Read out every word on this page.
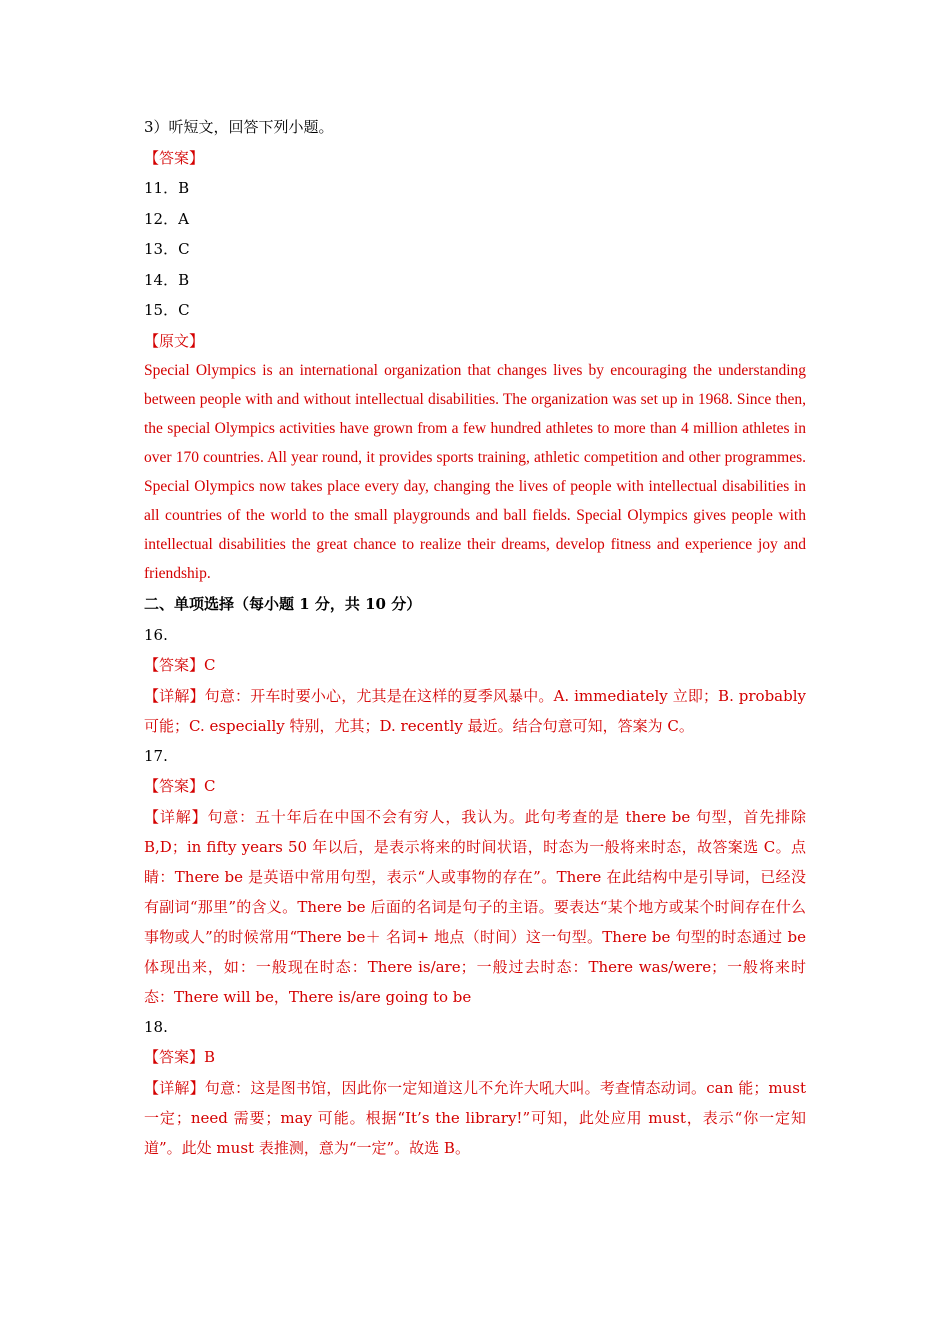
3）听短文，回答下列小题。
【答案】
11．B
12．A
13．C
14．B
15．C
【原文】

Special Olympics is an international organization that changes lives by encouraging the understanding between people with and without intellectual disabilities. The organization was set up in 1968. Since then, the special Olympics activities have grown from a few hundred athletes to more than 4 million athletes in over 170 countries. All year round, it provides sports training, athletic competition and other programmes. Special Olympics now takes place every day, changing the lives of people with intellectual disabilities in all countries of the world to the small playgrounds and ball fields. Special Olympics gives people with intellectual disabilities the great chance to realize their dreams, develop fitness and experience joy and friendship.

二、单项选择（每小题 1 分，共 10 分）
16.
【答案】C

【详解】句意：开车时要小心，尤其是在这样的夏季风暴中。A. immediately 立即；B. probably 可能；C. especially 特别，尤其；D. recently 最近。结合句意可知，答案为 C。

17.
【答案】C

【详解】句意：五十年后在中国不会有穷人，我认为。此句考查的是 there be 句型，首先排除 B,D；in fifty years 50 年以后，是表示将来的时间状语，时态为一般将来时态，故答案选 C。点睛：There be 是英语中常用句型，表示“人或事物的存在”。There 在此结构中是引导词，已经没有副词“那里”的含义。There be 后面的名词是句子的主语。要表达“某个地方或某个时间存在什么事物或人”的时候常用“There be＋ 名词+ 地点（时间）这一句型。There be 句型的时态通过 be 体现出来，如：一般现在时态：There is/are；一般过去时态：There was/were；一般将来时态：There will be，There is/are going to be

18.
【答案】B

【详解】句意：这是图书馆，因此你一定知道这儿不允许大吼大叫。考查情态动词。can 能；must 一定；need 需要；may 可能。根据“It’s the library!”可知，此处应用 must，表示“你一定知道”。此处 must 表推测，意为“一定”。故选 B。
